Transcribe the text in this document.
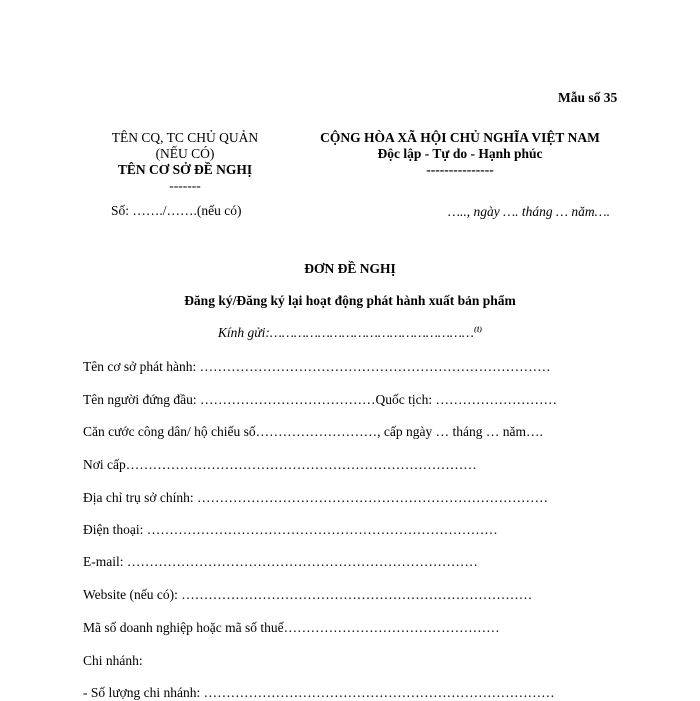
Mẫu số 35
TÊN CQ, TC CHỦ QUẢN
(NẾU CÓ)
TÊN CƠ SỞ ĐỀ NGHỊ
-------
Số: ……./…….(nếu có)
CỘNG HÒA XÃ HỘI CHỦ NGHĨA VIỆT NAM
Độc lập - Tự do - Hạnh phúc
---------------
….., ngày …. tháng … năm….
ĐƠN ĐỀ NGHỊ
Đăng ký/Đăng ký lại hoạt động phát hành xuất bản phẩm
Kính gửi:……………………………………………$^{(1)}$
Tên cơ sở phát hành: ……………………………………………………………………
Tên người đứng đầu: …………………………………Quốc tịch: ………………………
Căn cước công dân/ hộ chiếu số………………………, cấp ngày … tháng … năm….
Nơi cấp……………………………………………………………………
Địa chỉ trụ sở chính: ……………………………………………………………………
Điện thoại: ……………………………………………………………………
E-mail: ……………………………………………………………………
Website (nếu có): ……………………………………………………………………
Mã số doanh nghiệp hoặc mã số thuế…………………………………………
Chi nhánh:
- Số lượng chi nhánh: ……………………………………………………………………
